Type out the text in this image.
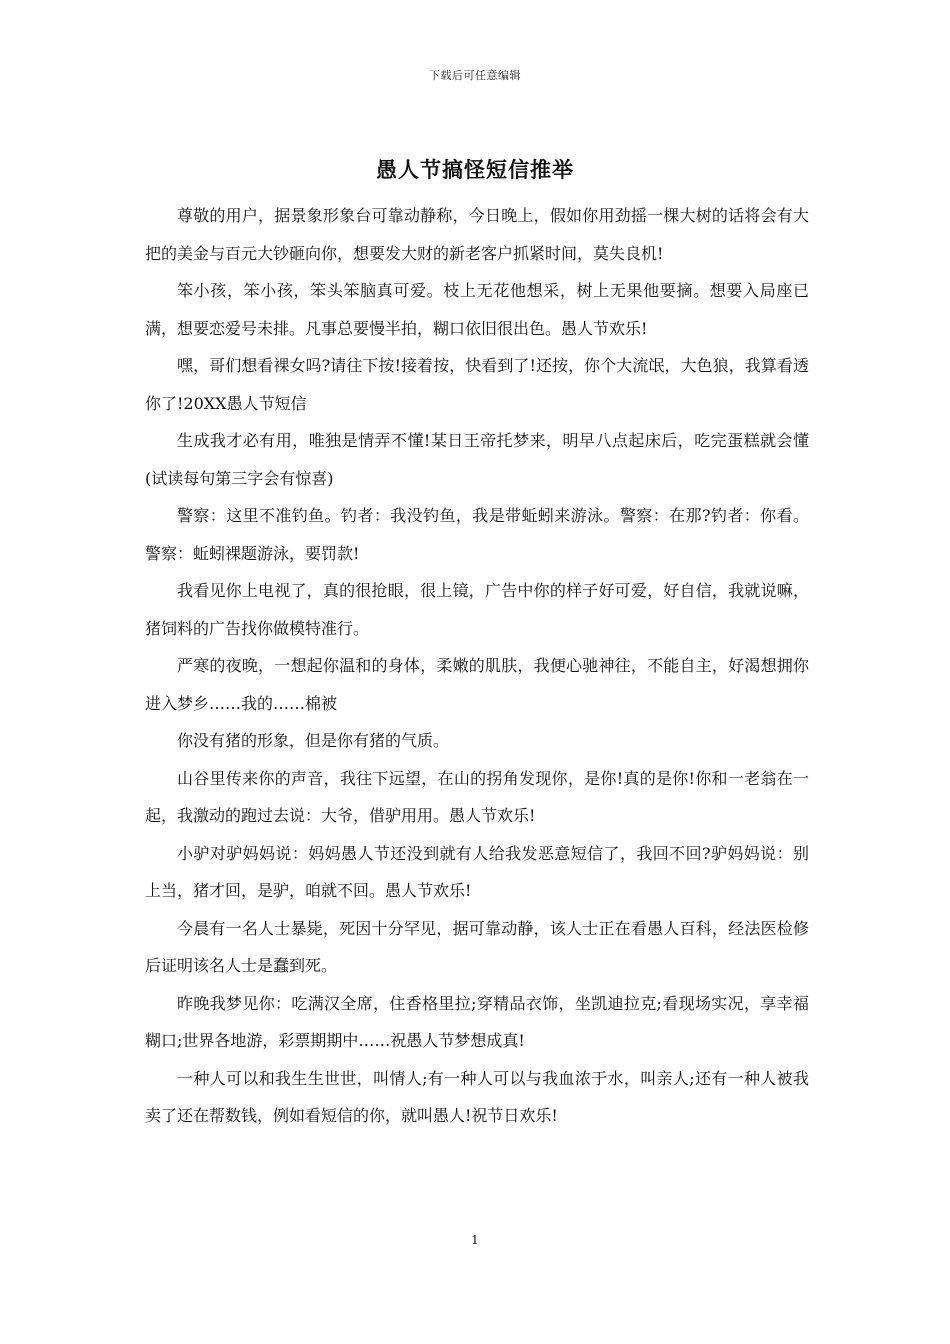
下载后可任意编辑
愚人节搞怪短信推举

尊敬的用户，据景象形象台可靠动静称，今日晚上，假如你用劲摇一棵大树的话将会有大把的美金与百元大钞砸向你，想要发大财的新老客户抓紧时间，莫失良机!

笨小孩，笨小孩，笨头笨脑真可爱。枝上无花他想采，树上无果他要摘。想要入局座已满，想要恋爱号未排。凡事总要慢半拍，糊口依旧很出色。愚人节欢乐!

嘿，哥们想看裸女吗?请往下按!接着按，快看到了!还按，你个大流氓，大色狼，我算看透你了!20XX愚人节短信

生成我才必有用，唯独是情弄不懂!某日王帝托梦来，明早八点起床后，吃完蛋糕就会懂(试读每句第三字会有惊喜)

警察：这里不准钓鱼。钓者：我没钓鱼，我是带蚯蚓来游泳。警察：在那?钓者：你看。警察：蚯蚓裸题游泳，要罚款!

我看见你上电视了，真的很抢眼，很上镜，广告中你的样子好可爱，好自信，我就说嘛，猪饲料的广告找你做模特准行。

严寒的夜晚，一想起你温和的身体，柔嫩的肌肤，我便心驰神往，不能自主，好渴想拥你进入梦乡……我的……棉被

你没有猪的形象，但是你有猪的气质。

山谷里传来你的声音，我往下远望，在山的拐角发现你，是你!真的是你!你和一老翁在一起，我激动的跑过去说：大爷，借驴用用。愚人节欢乐!

小驴对驴妈妈说：妈妈愚人节还没到就有人给我发恶意短信了，我回不回?驴妈妈说：别上当，猪才回，是驴，咱就不回。愚人节欢乐!

今晨有一名人士暴毙，死因十分罕见，据可靠动静，该人士正在看愚人百科，经法医检修后证明该名人士是蠢到死。

昨晚我梦见你：吃满汉全席，住香格里拉;穿精品衣饰，坐凯迪拉克;看现场实况，享幸福糊口;世界各地游，彩票期期中……祝愚人节梦想成真!

一种人可以和我生生世世，叫情人;有一种人可以与我血浓于水，叫亲人;还有一种人被我卖了还在帮数钱，例如看短信的你，就叫愚人!祝节日欢乐!

1
